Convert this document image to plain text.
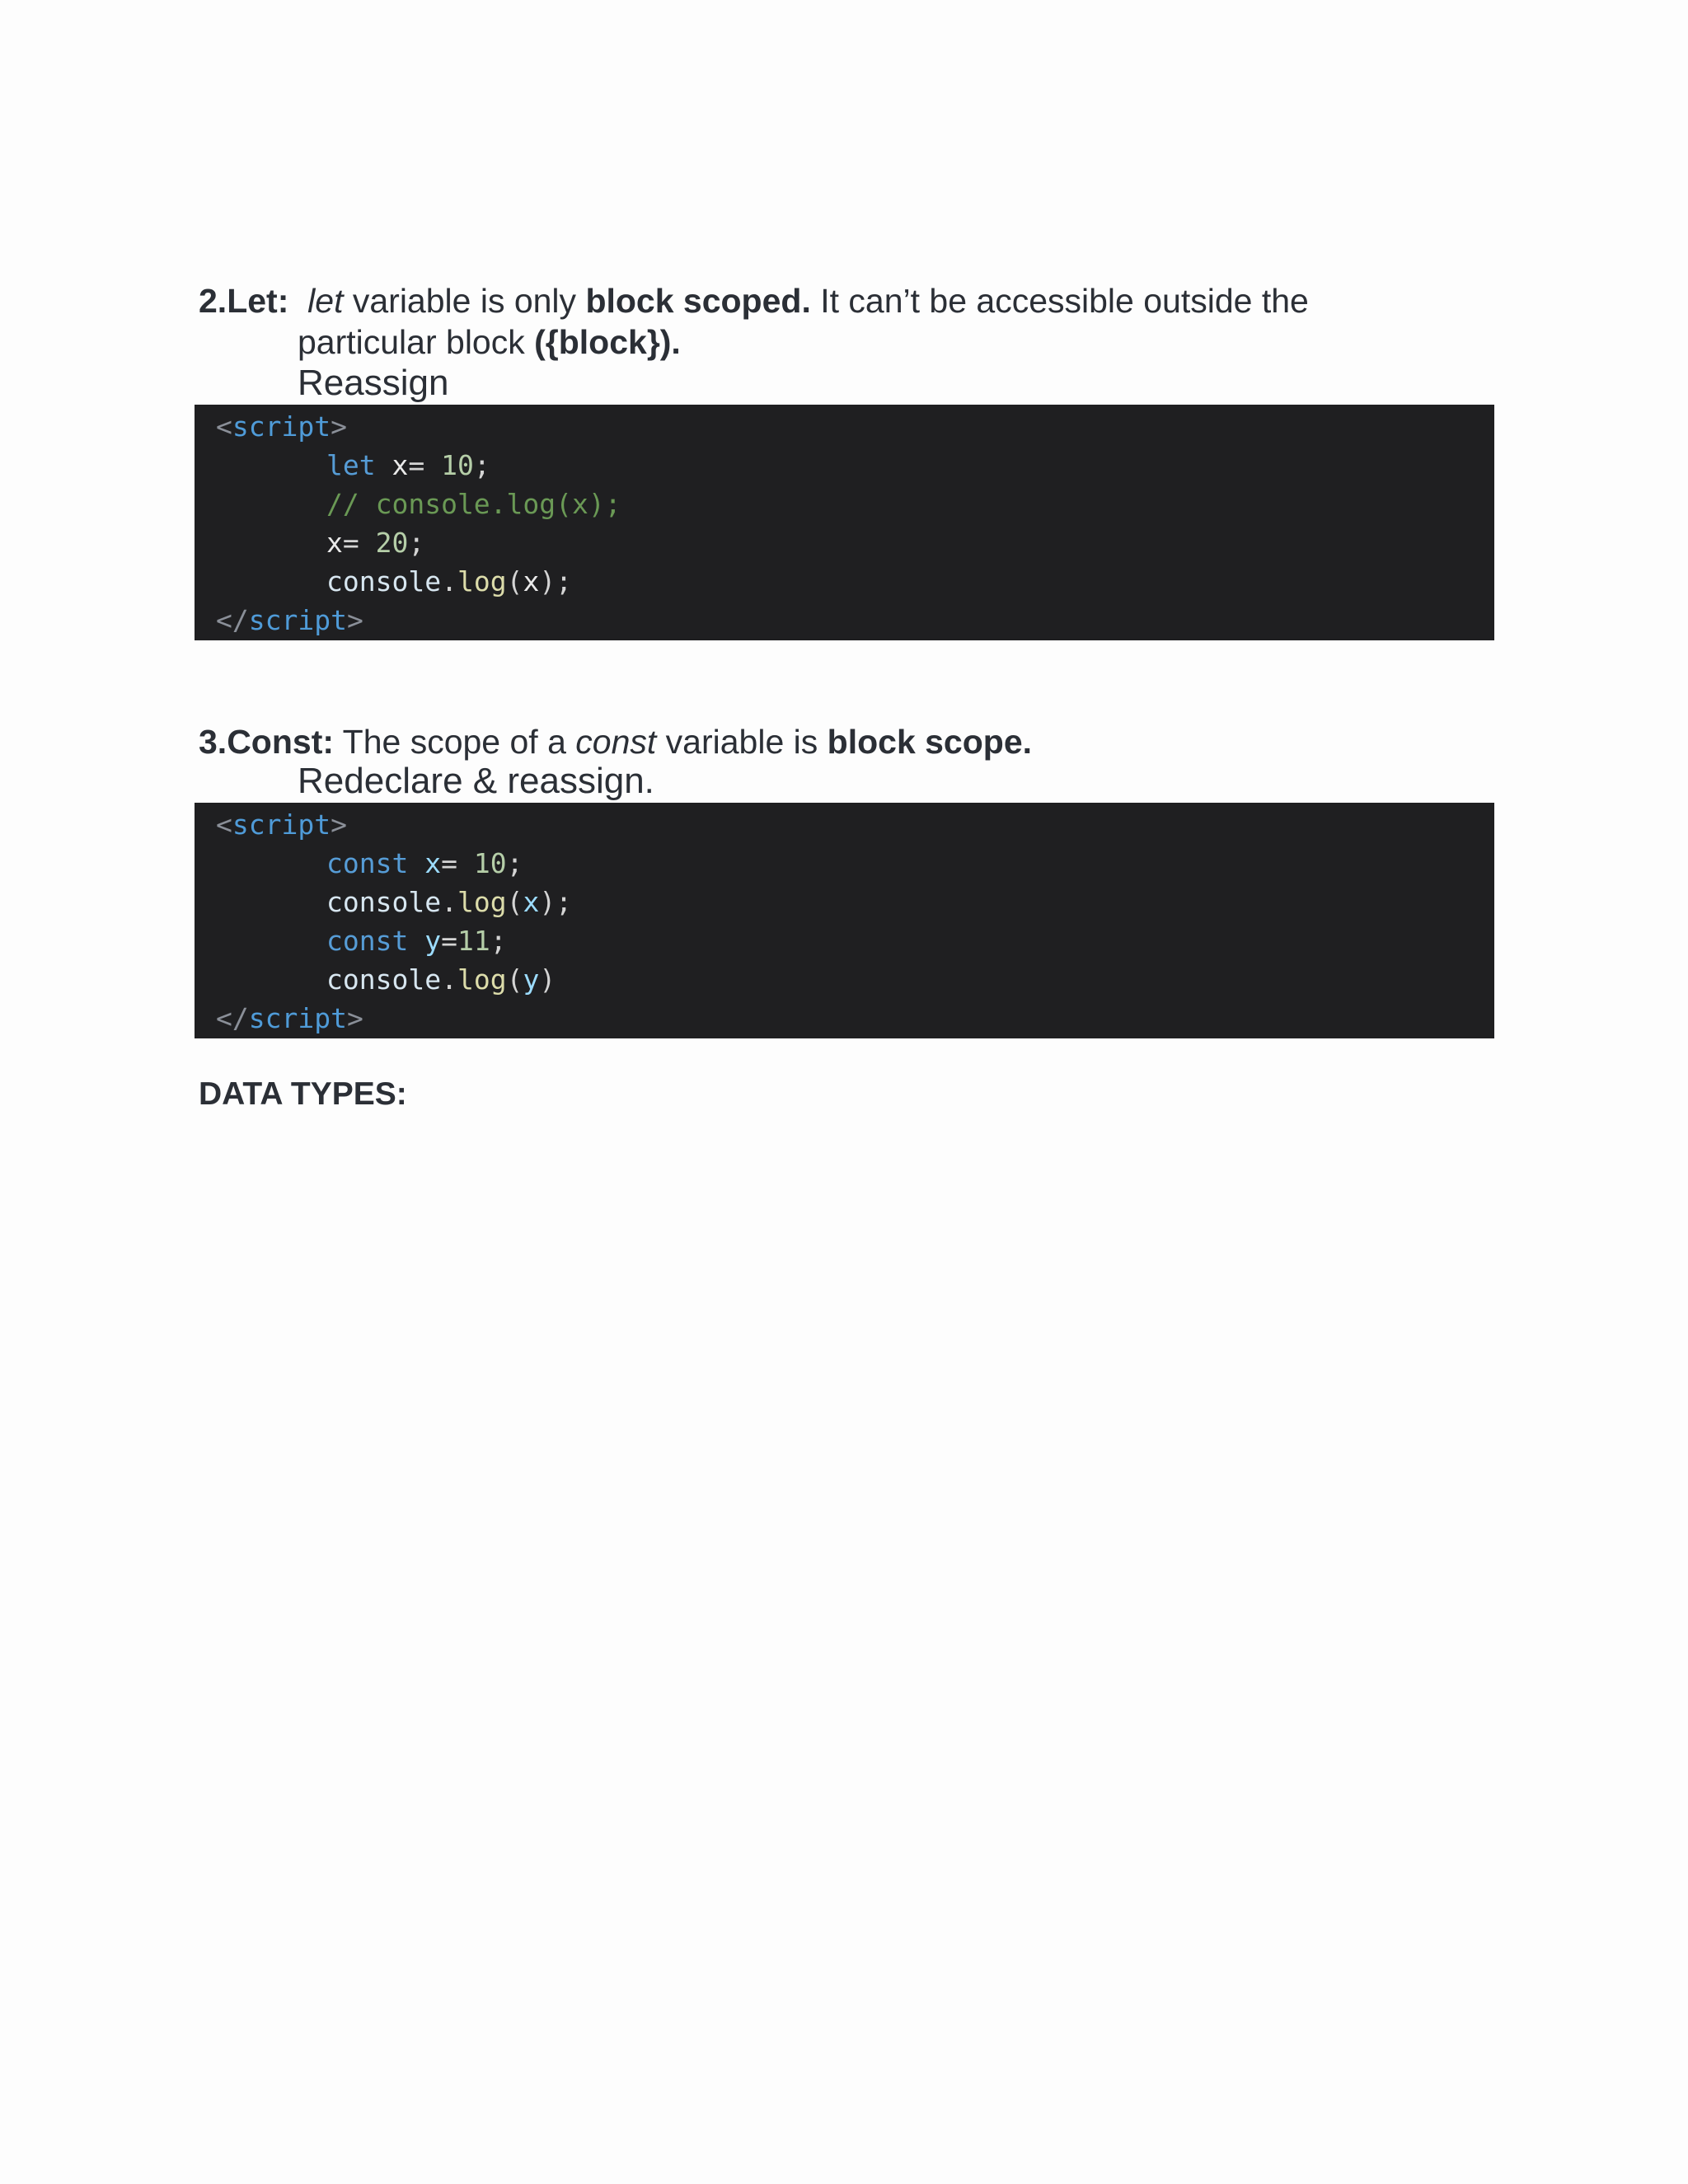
2.Let: let variable is only block scoped. It can’t be accessible outside the
particular block ({block}).
Reassign
<script>
let x= 10;
// console.log(x);
x= 20;
console.log(x);
</script>
3.Const: The scope of a const variable is block scope.
Redeclare & reassign.
<script>
const x= 10;
console.log(x);
const y=11;
console.log(y)
</script>
DATA TYPES:
